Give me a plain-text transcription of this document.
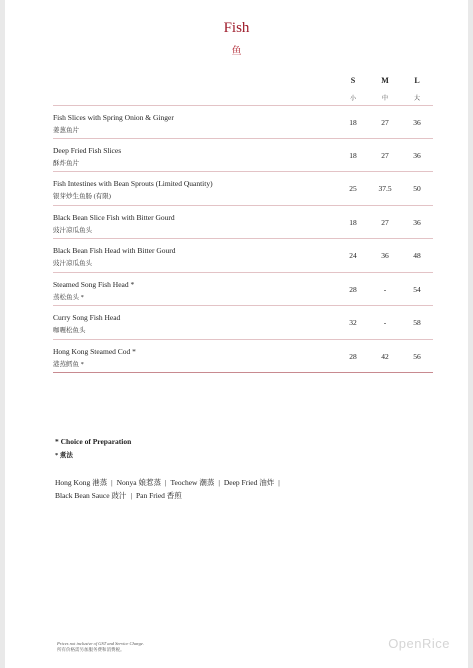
Fish
鱼
S	M	L
小	中	大
Fish Slices with Spring Onion & Ginger
姜葱鱼片
18	27	36
Deep Fried Fish Slices
酥炸鱼片
18	27	36
Fish Intestines with Bean Sprouts (Limited Quantity)
银芽炒生鱼肠 (有限)
25	37.5	50
Black Bean Slice Fish with Bitter Gourd
豉汁凉瓜鱼头
18	27	36
Black Bean Fish Head with Bitter Gourd
豉汁凉瓜鱼头
24	36	48
Steamed Song Fish Head *
蒸松鱼头 *
28	-	54
Curry Song Fish Head
咖喱松鱼头
32	-	58
Hong Kong Steamed Cod *
港蒸鳕鱼 *
28	42	56
* Choice of Preparation
* 煮法
Hong Kong 港蒸 | Nonya 娘惹蒸 | Teochew 潮蒸 | Deep Fried 油炸 |
Black Bean Sauce 豉汁 | Pan Fried 香煎
Prices not inclusive of GST and Service Charge.
所有价格需另加服务费和消费税。	OpenRice
